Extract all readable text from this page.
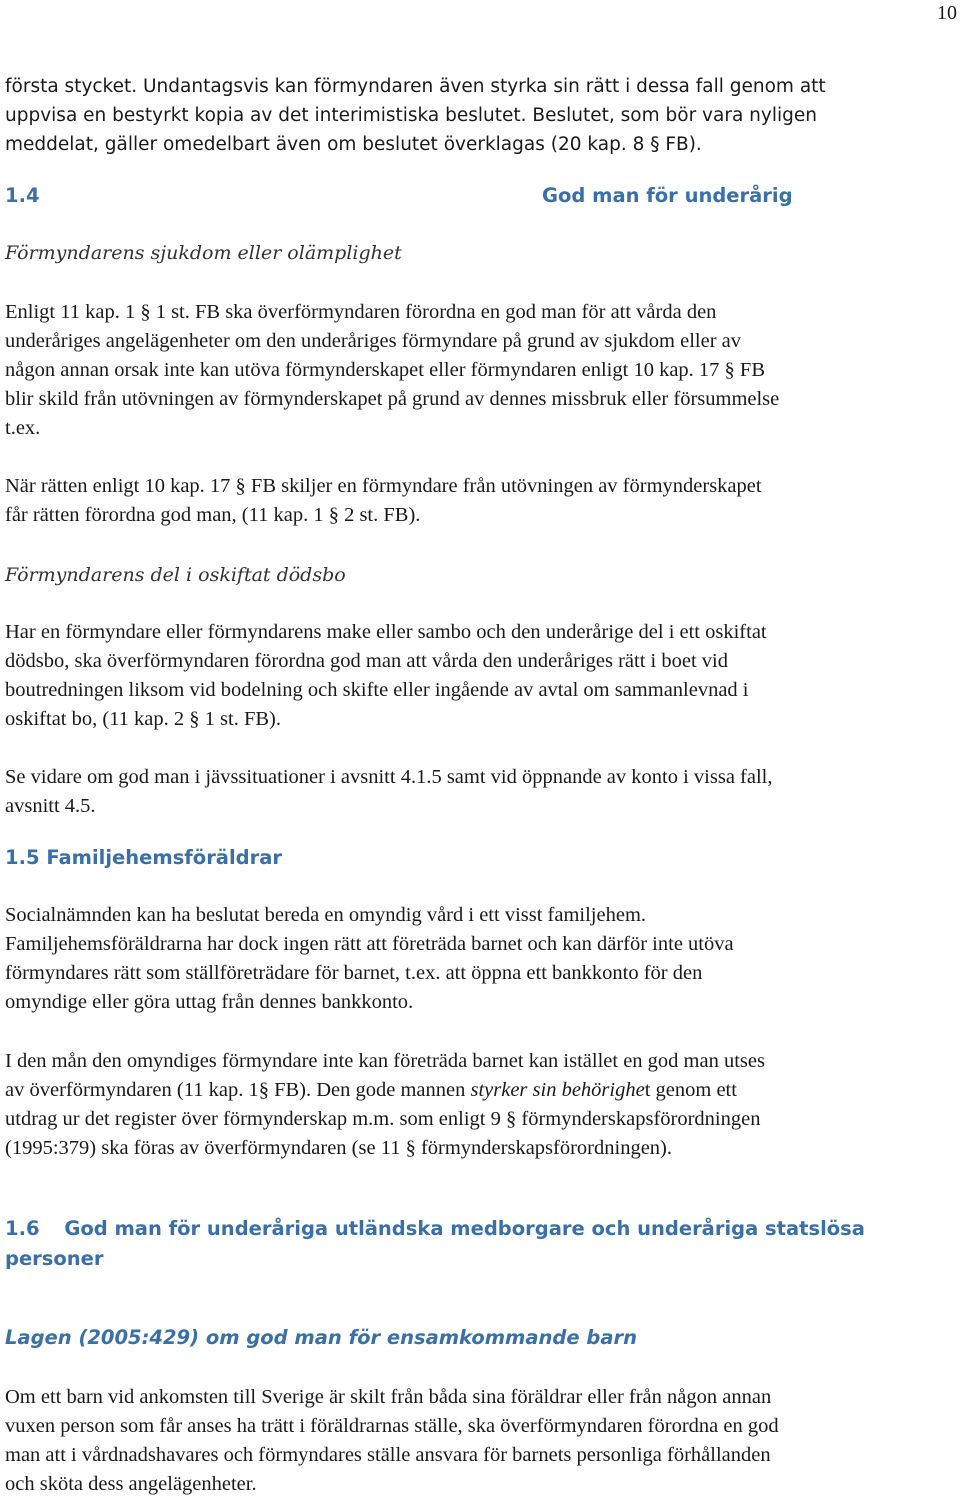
10
första stycket. Undantagsvis kan förmyndaren även styrka sin rätt i dessa fall genom att
uppvisa en bestyrkt kopia av det interimistiska beslutet. Beslutet, som bör vara nyligen
meddelat, gäller omedelbart även om beslutet överklagas (20 kap. 8 § FB).
1.4	God man för underårig
Förmyndarens sjukdom eller olämplighet
Enligt 11 kap. 1 § 1 st. FB ska överförmyndaren förordna en god man för att vårda den
underåriges angelägenheter om den underåriges förmyndare på grund av sjukdom eller av
någon annan orsak inte kan utöva förmynderskapet eller förmyndaren enligt 10 kap. 17 § FB
blir skild från utövningen av förmynderskapet på grund av dennes missbruk eller försummelse
t.ex.
När rätten enligt 10 kap. 17 § FB skiljer en förmyndare från utövningen av förmynderskapet
får rätten förordna god man, (11 kap. 1 § 2 st. FB).
Förmyndarens del i oskiftat dödsbo
Har en förmyndare eller förmyndarens make eller sambo och den underårige del i ett oskiftat
dödsbo, ska överförmyndaren förordna god man att vårda den underåriges rätt i boet vid
boutredningen liksom vid bodelning och skifte eller ingående av avtal om sammanlevnad i
oskiftat bo, (11 kap. 2 § 1 st. FB).
Se vidare om god man i jävssituationer i avsnitt 4.1.5 samt vid öppnande av konto i vissa fall,
avsnitt 4.5.
1.5 Familjehemsföräldrar
Socialnämnden kan ha beslutat bereda en omyndig vård i ett visst familjehem.
Familjehemsföräldrarna har dock ingen rätt att företräda barnet och kan därför inte utöva
förmyndares rätt som ställföreträdare för barnet, t.ex. att öppna ett bankkonto för den
omyndige eller göra uttag från dennes bankkonto.
I den mån den omyndiges förmyndare inte kan företräda barnet kan istället en god man utses
av överförmyndaren (11 kap. 1§ FB). Den gode mannen styrker sin behörighet genom ett
utdrag ur det register över förmynderskap m.m. som enligt 9 § förmynderskapsförordningen
(1995:379) ska föras av överförmyndaren (se 11 § förmynderskapsförordningen).
1.6 God man för underåriga utländska medborgare och underåriga statslösa
personer
Lagen (2005:429) om god man för ensamkommande barn
Om ett barn vid ankomsten till Sverige är skilt från båda sina föräldrar eller från någon annan
vuxen person som får anses ha trätt i föräldrarnas ställe, ska överförmyndaren förordna en god
man att i vårdnadshavares och förmyndares ställe ansvara för barnets personliga förhållanden
och sköta dess angelägenheter.
